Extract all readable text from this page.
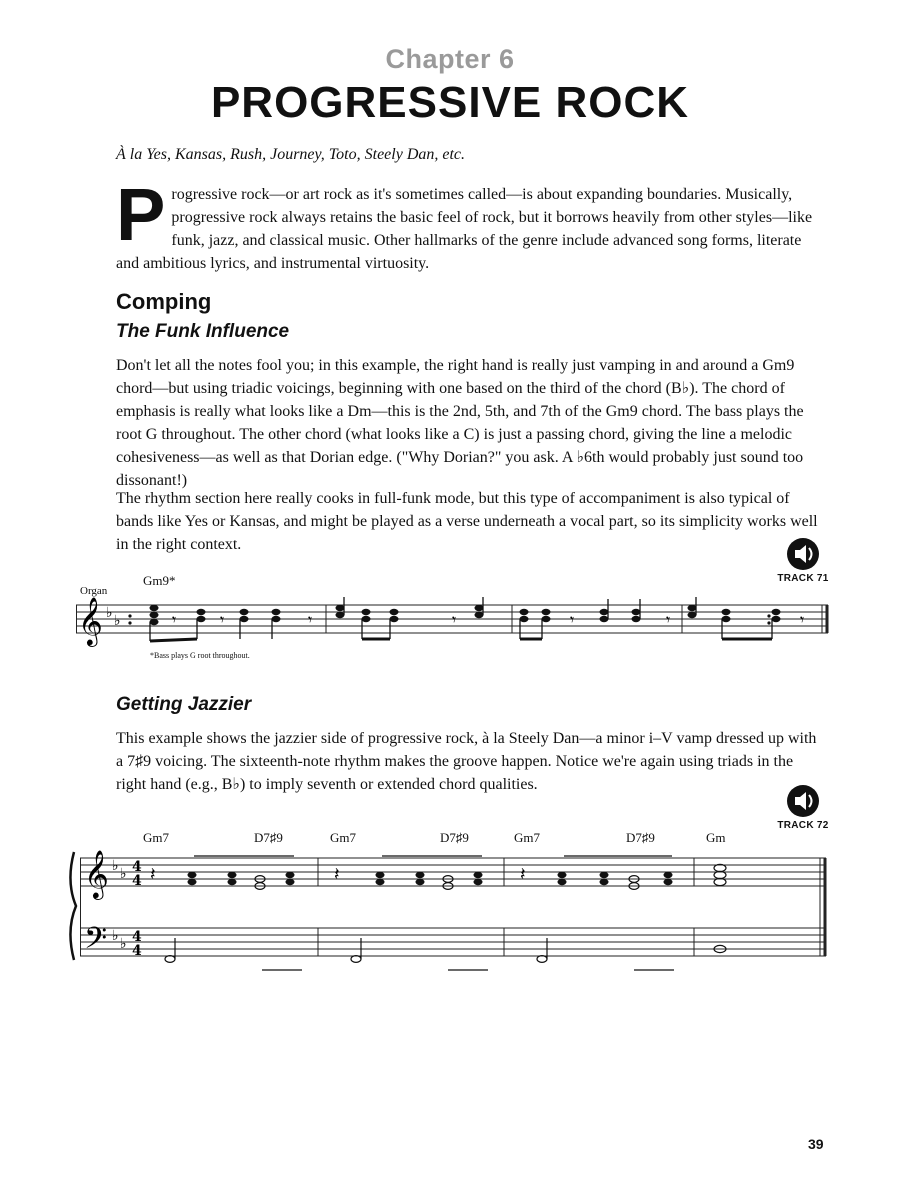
Chapter 6
PROGRESSIVE ROCK
À la Yes, Kansas, Rush, Journey, Toto, Steely Dan, etc.

Progressive rock—or art rock as it's sometimes called—is about expanding boundaries. Musically, progressive rock always retains the basic feel of rock, but it borrows heavily from other styles—like funk, jazz, and classical music. Other hallmarks of the genre include advanced song forms, literate and ambitious lyrics, and instrumental virtuosity.

Comping
The Funk Influence

Don't let all the notes fool you; in this example, the right hand is really just vamping in and around a Gm9 chord—but using triadic voicings, beginning with one based on the third of the chord (B♭). The chord of emphasis is really what looks like a Dm—this is the 2nd, 5th, and 7th of the Gm9 chord. The bass plays the root G throughout. The other chord (what looks like a C) is just a passing chord, giving the line a melodic cohesiveness—as well as that Dorian edge. ("Why Dorian?" you ask. A ♭6th would probably just sound too dissonant!)

The rhythm section here really cooks in full-funk mode, but this type of accompaniment is also typical of bands like Yes or Kansas, and might be played as a verse underneath a vocal part, so its simplicity works well in the right context.

TRACK 71
Organ
Gm9*
*Bass plays G root throughout.
𝄞 ♭ ♭	𝄾	𝄾	𝄾	𝄾	𝄾	𝄾	𝄾
Getting Jazzier

This example shows the jazzier side of progressive rock, à la Steely Dan—a minor i–V vamp dressed up with a 7♯9 voicing. The sixteenth-note rhythm makes the groove happen. Notice we're again using triads in the right hand (e.g., B♭) to imply seventh or extended chord qualities.

TRACK 72
Gm7	D7♯9	Gm7	D7♯9	Gm7	D7♯9	Gm
𝄞
𝄢
♭ ♭
♭ ♭
4
4
4
4
𝄽	𝄽	𝄽
39
